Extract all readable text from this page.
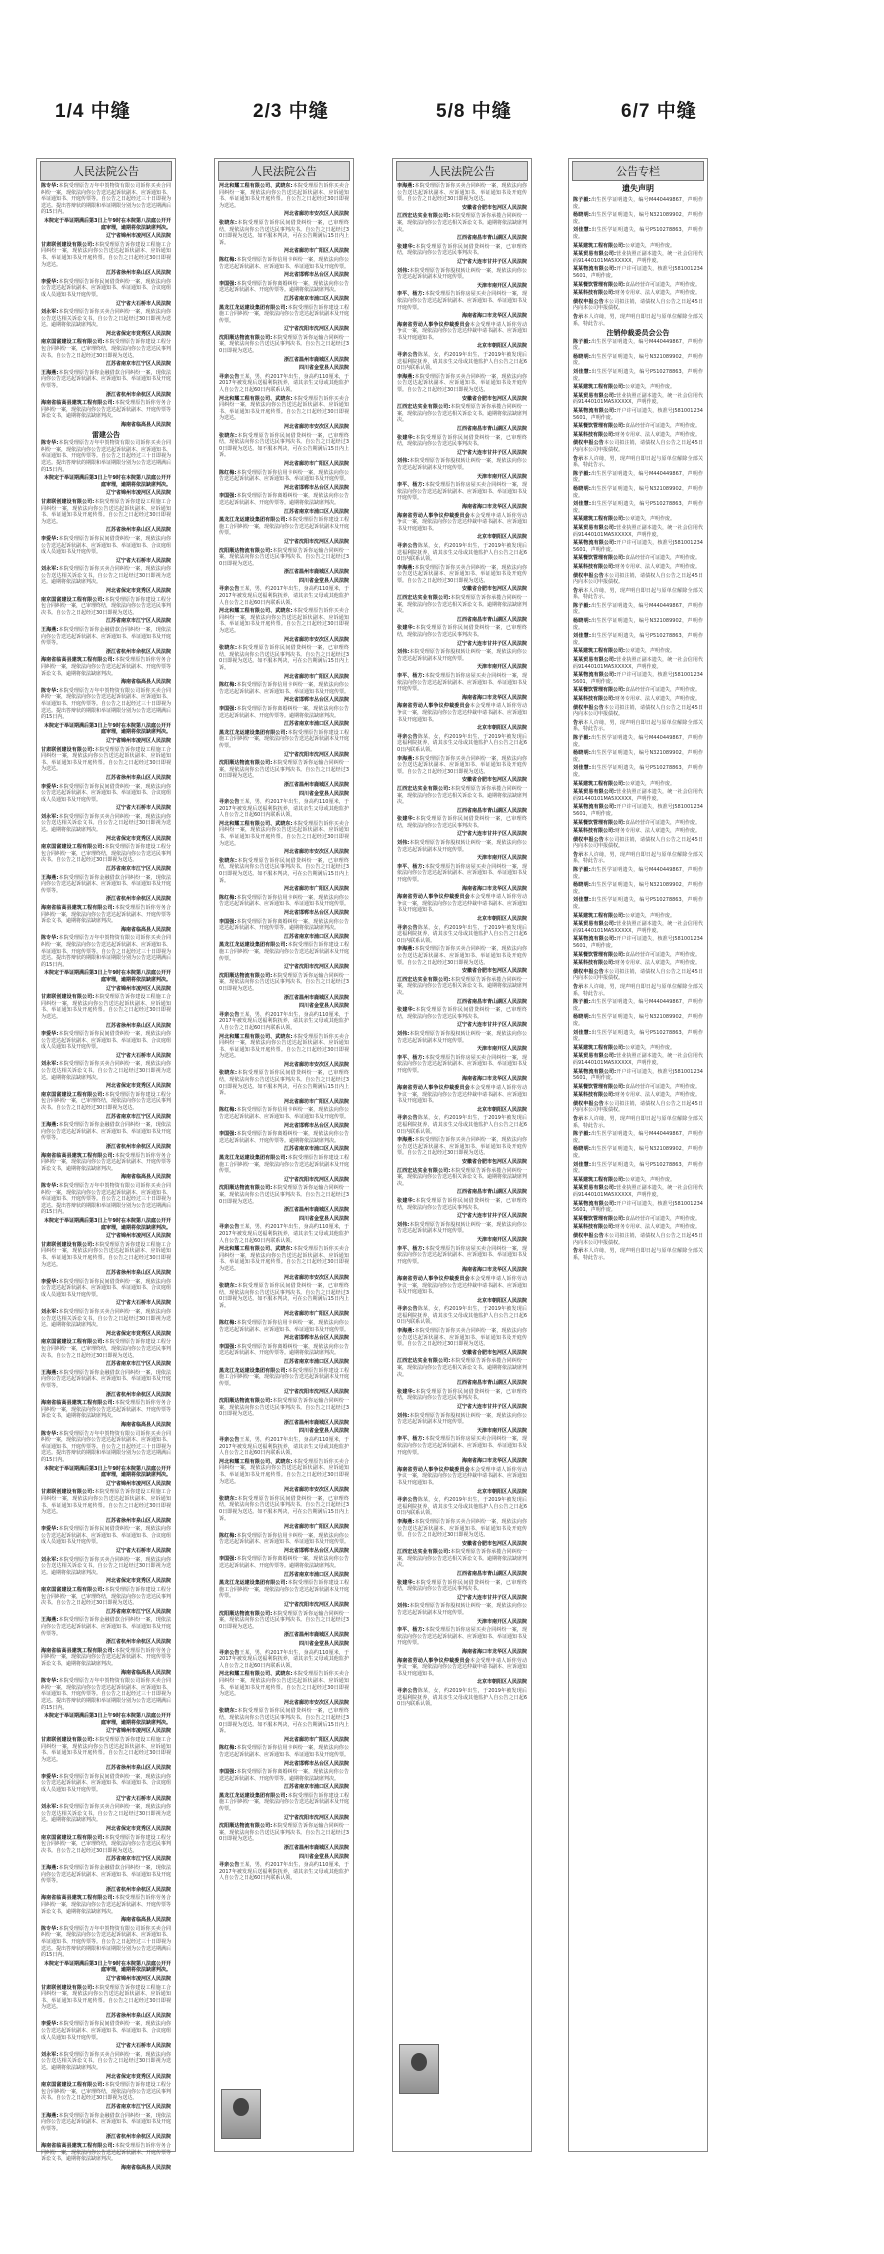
1/4 中缝	2/3 中缝	5/8 中缝	6/7 中缝
人民法院公告
陈专华:本院受理原告万年中贺物资有限公司诉你买卖合同纠纷一案，现依法向你公告送达起诉状副本、应诉通知书、举证通知书、开庭传票等。自公告之日起经过三十日即视为送达。提出答辩状的期限和举证期限分别为公告送达期满后的15日内。
本院定于举证期满后第3日上午9时在本院第八法庭公开开庭审理，逾期将依法缺席判决。
辽宁省锦州市凌河区人民法院
甘肃联创建设有限公司:本院受理原告诉你建设工程施工合同纠纷一案，现依法向你公告送达起诉状副本、应诉通知书、举证通知书及开庭传票。自公告之日起经过30日即视为送达。
江苏省徐州市泉山区人民法院
李爱华:本院受理原告诉你民间借贷纠纷一案，现依法向你公告送达起诉状副本、应诉通知书、举证通知书、合议庭组成人员通知书及开庭传票。
辽宁省大石桥市人民法院
刘永军:本院受理原告诉你买卖合同纠纷一案，现依法向你公告送达相关诉讼文书。自公告之日起经过30日即视为送达。逾期将依法缺席判决。
河北省保定市竞秀区人民法院
南京国富建设工程有限公司:本院受理原告诉你建设工程分包合同纠纷一案，已审理终结，现依法向你公告送达民事判决书。自公告之日起经过30日即视为送达。
江苏省南京市江宁区人民法院
王海燕:本院受理原告诉你金融借款合同纠纷一案，现依法向你公告送达起诉状副本、应诉通知书、举证通知书及开庭传票等。
浙江省杭州市余杭区人民法院
海南省临高县建筑工程有限公司:本院受理原告诉你劳务合同纠纷一案，现依法向你公告送达起诉状副本、开庭传票等诉讼文书，逾期将依法缺席判决。
海南省临高县人民法院
雷建公告
陈专华:本院受理原告万年中贺物资有限公司诉你买卖合同纠纷一案，现依法向你公告送达起诉状副本、应诉通知书、举证通知书、开庭传票等。自公告之日起经过三十日即视为送达。提出答辩状的期限和举证期限分别为公告送达期满后的15日内。
本院定于举证期满后第3日上午9时在本院第八法庭公开开庭审理，逾期将依法缺席判决。
辽宁省锦州市凌河区人民法院
甘肃联创建设有限公司:本院受理原告诉你建设工程施工合同纠纷一案，现依法向你公告送达起诉状副本、应诉通知书、举证通知书及开庭传票。自公告之日起经过30日即视为送达。
江苏省徐州市泉山区人民法院
李爱华:本院受理原告诉你民间借贷纠纷一案，现依法向你公告送达起诉状副本、应诉通知书、举证通知书、合议庭组成人员通知书及开庭传票。
辽宁省大石桥市人民法院
刘永军:本院受理原告诉你买卖合同纠纷一案，现依法向你公告送达相关诉讼文书。自公告之日起经过30日即视为送达。逾期将依法缺席判决。
河北省保定市竞秀区人民法院
南京国富建设工程有限公司:本院受理原告诉你建设工程分包合同纠纷一案，已审理终结，现依法向你公告送达民事判决书。自公告之日起经过30日即视为送达。
江苏省南京市江宁区人民法院
王海燕:本院受理原告诉你金融借款合同纠纷一案，现依法向你公告送达起诉状副本、应诉通知书、举证通知书及开庭传票等。
浙江省杭州市余杭区人民法院
海南省临高县建筑工程有限公司:本院受理原告诉你劳务合同纠纷一案，现依法向你公告送达起诉状副本、开庭传票等诉讼文书，逾期将依法缺席判决。
海南省临高县人民法院
陈专华:本院受理原告万年中贺物资有限公司诉你买卖合同纠纷一案，现依法向你公告送达起诉状副本、应诉通知书、举证通知书、开庭传票等。自公告之日起经过三十日即视为送达。提出答辩状的期限和举证期限分别为公告送达期满后的15日内。
本院定于举证期满后第3日上午9时在本院第八法庭公开开庭审理，逾期将依法缺席判决。
辽宁省锦州市凌河区人民法院
甘肃联创建设有限公司:本院受理原告诉你建设工程施工合同纠纷一案，现依法向你公告送达起诉状副本、应诉通知书、举证通知书及开庭传票。自公告之日起经过30日即视为送达。
江苏省徐州市泉山区人民法院
李爱华:本院受理原告诉你民间借贷纠纷一案，现依法向你公告送达起诉状副本、应诉通知书、举证通知书、合议庭组成人员通知书及开庭传票。
辽宁省大石桥市人民法院
刘永军:本院受理原告诉你买卖合同纠纷一案，现依法向你公告送达相关诉讼文书。自公告之日起经过30日即视为送达。逾期将依法缺席判决。
河北省保定市竞秀区人民法院
南京国富建设工程有限公司:本院受理原告诉你建设工程分包合同纠纷一案，已审理终结，现依法向你公告送达民事判决书。自公告之日起经过30日即视为送达。
江苏省南京市江宁区人民法院
王海燕:本院受理原告诉你金融借款合同纠纷一案，现依法向你公告送达起诉状副本、应诉通知书、举证通知书及开庭传票等。
浙江省杭州市余杭区人民法院
海南省临高县建筑工程有限公司:本院受理原告诉你劳务合同纠纷一案，现依法向你公告送达起诉状副本、开庭传票等诉讼文书，逾期将依法缺席判决。
海南省临高县人民法院
陈专华:本院受理原告万年中贺物资有限公司诉你买卖合同纠纷一案，现依法向你公告送达起诉状副本、应诉通知书、举证通知书、开庭传票等。自公告之日起经过三十日即视为送达。提出答辩状的期限和举证期限分别为公告送达期满后的15日内。
本院定于举证期满后第3日上午9时在本院第八法庭公开开庭审理，逾期将依法缺席判决。
辽宁省锦州市凌河区人民法院
甘肃联创建设有限公司:本院受理原告诉你建设工程施工合同纠纷一案，现依法向你公告送达起诉状副本、应诉通知书、举证通知书及开庭传票。自公告之日起经过30日即视为送达。
江苏省徐州市泉山区人民法院
李爱华:本院受理原告诉你民间借贷纠纷一案，现依法向你公告送达起诉状副本、应诉通知书、举证通知书、合议庭组成人员通知书及开庭传票。
辽宁省大石桥市人民法院
刘永军:本院受理原告诉你买卖合同纠纷一案，现依法向你公告送达相关诉讼文书。自公告之日起经过30日即视为送达。逾期将依法缺席判决。
河北省保定市竞秀区人民法院
南京国富建设工程有限公司:本院受理原告诉你建设工程分包合同纠纷一案，已审理终结，现依法向你公告送达民事判决书。自公告之日起经过30日即视为送达。
江苏省南京市江宁区人民法院
王海燕:本院受理原告诉你金融借款合同纠纷一案，现依法向你公告送达起诉状副本、应诉通知书、举证通知书及开庭传票等。
浙江省杭州市余杭区人民法院
海南省临高县建筑工程有限公司:本院受理原告诉你劳务合同纠纷一案，现依法向你公告送达起诉状副本、开庭传票等诉讼文书，逾期将依法缺席判决。
海南省临高县人民法院
陈专华:本院受理原告万年中贺物资有限公司诉你买卖合同纠纷一案，现依法向你公告送达起诉状副本、应诉通知书、举证通知书、开庭传票等。自公告之日起经过三十日即视为送达。提出答辩状的期限和举证期限分别为公告送达期满后的15日内。
本院定于举证期满后第3日上午9时在本院第八法庭公开开庭审理，逾期将依法缺席判决。
辽宁省锦州市凌河区人民法院
甘肃联创建设有限公司:本院受理原告诉你建设工程施工合同纠纷一案，现依法向你公告送达起诉状副本、应诉通知书、举证通知书及开庭传票。自公告之日起经过30日即视为送达。
江苏省徐州市泉山区人民法院
李爱华:本院受理原告诉你民间借贷纠纷一案，现依法向你公告送达起诉状副本、应诉通知书、举证通知书、合议庭组成人员通知书及开庭传票。
辽宁省大石桥市人民法院
刘永军:本院受理原告诉你买卖合同纠纷一案，现依法向你公告送达相关诉讼文书。自公告之日起经过30日即视为送达。逾期将依法缺席判决。
河北省保定市竞秀区人民法院
南京国富建设工程有限公司:本院受理原告诉你建设工程分包合同纠纷一案，已审理终结，现依法向你公告送达民事判决书。自公告之日起经过30日即视为送达。
江苏省南京市江宁区人民法院
王海燕:本院受理原告诉你金融借款合同纠纷一案，现依法向你公告送达起诉状副本、应诉通知书、举证通知书及开庭传票等。
浙江省杭州市余杭区人民法院
海南省临高县建筑工程有限公司:本院受理原告诉你劳务合同纠纷一案，现依法向你公告送达起诉状副本、开庭传票等诉讼文书，逾期将依法缺席判决。
海南省临高县人民法院
陈专华:本院受理原告万年中贺物资有限公司诉你买卖合同纠纷一案，现依法向你公告送达起诉状副本、应诉通知书、举证通知书、开庭传票等。自公告之日起经过三十日即视为送达。提出答辩状的期限和举证期限分别为公告送达期满后的15日内。
本院定于举证期满后第3日上午9时在本院第八法庭公开开庭审理，逾期将依法缺席判决。
辽宁省锦州市凌河区人民法院
甘肃联创建设有限公司:本院受理原告诉你建设工程施工合同纠纷一案，现依法向你公告送达起诉状副本、应诉通知书、举证通知书及开庭传票。自公告之日起经过30日即视为送达。
江苏省徐州市泉山区人民法院
李爱华:本院受理原告诉你民间借贷纠纷一案，现依法向你公告送达起诉状副本、应诉通知书、举证通知书、合议庭组成人员通知书及开庭传票。
辽宁省大石桥市人民法院
刘永军:本院受理原告诉你买卖合同纠纷一案，现依法向你公告送达相关诉讼文书。自公告之日起经过30日即视为送达。逾期将依法缺席判决。
河北省保定市竞秀区人民法院
南京国富建设工程有限公司:本院受理原告诉你建设工程分包合同纠纷一案，已审理终结，现依法向你公告送达民事判决书。自公告之日起经过30日即视为送达。
江苏省南京市江宁区人民法院
王海燕:本院受理原告诉你金融借款合同纠纷一案，现依法向你公告送达起诉状副本、应诉通知书、举证通知书及开庭传票等。
浙江省杭州市余杭区人民法院
海南省临高县建筑工程有限公司:本院受理原告诉你劳务合同纠纷一案，现依法向你公告送达起诉状副本、开庭传票等诉讼文书，逾期将依法缺席判决。
海南省临高县人民法院
陈专华:本院受理原告万年中贺物资有限公司诉你买卖合同纠纷一案，现依法向你公告送达起诉状副本、应诉通知书、举证通知书、开庭传票等。自公告之日起经过三十日即视为送达。提出答辩状的期限和举证期限分别为公告送达期满后的15日内。
本院定于举证期满后第3日上午9时在本院第八法庭公开开庭审理，逾期将依法缺席判决。
辽宁省锦州市凌河区人民法院
甘肃联创建设有限公司:本院受理原告诉你建设工程施工合同纠纷一案，现依法向你公告送达起诉状副本、应诉通知书、举证通知书及开庭传票。自公告之日起经过30日即视为送达。
江苏省徐州市泉山区人民法院
李爱华:本院受理原告诉你民间借贷纠纷一案，现依法向你公告送达起诉状副本、应诉通知书、举证通知书、合议庭组成人员通知书及开庭传票。
辽宁省大石桥市人民法院
刘永军:本院受理原告诉你买卖合同纠纷一案，现依法向你公告送达相关诉讼文书。自公告之日起经过30日即视为送达。逾期将依法缺席判决。
河北省保定市竞秀区人民法院
南京国富建设工程有限公司:本院受理原告诉你建设工程分包合同纠纷一案，已审理终结，现依法向你公告送达民事判决书。自公告之日起经过30日即视为送达。
江苏省南京市江宁区人民法院
王海燕:本院受理原告诉你金融借款合同纠纷一案，现依法向你公告送达起诉状副本、应诉通知书、举证通知书及开庭传票等。
浙江省杭州市余杭区人民法院
海南省临高县建筑工程有限公司:本院受理原告诉你劳务合同纠纷一案，现依法向你公告送达起诉状副本、开庭传票等诉讼文书，逾期将依法缺席判决。
海南省临高县人民法院
陈专华:本院受理原告万年中贺物资有限公司诉你买卖合同纠纷一案，现依法向你公告送达起诉状副本、应诉通知书、举证通知书、开庭传票等。自公告之日起经过三十日即视为送达。提出答辩状的期限和举证期限分别为公告送达期满后的15日内。
本院定于举证期满后第3日上午9时在本院第八法庭公开开庭审理，逾期将依法缺席判决。
辽宁省锦州市凌河区人民法院
甘肃联创建设有限公司:本院受理原告诉你建设工程施工合同纠纷一案，现依法向你公告送达起诉状副本、应诉通知书、举证通知书及开庭传票。自公告之日起经过30日即视为送达。
江苏省徐州市泉山区人民法院
李爱华:本院受理原告诉你民间借贷纠纷一案，现依法向你公告送达起诉状副本、应诉通知书、举证通知书、合议庭组成人员通知书及开庭传票。
辽宁省大石桥市人民法院
刘永军:本院受理原告诉你买卖合同纠纷一案，现依法向你公告送达相关诉讼文书。自公告之日起经过30日即视为送达。逾期将依法缺席判决。
河北省保定市竞秀区人民法院
南京国富建设工程有限公司:本院受理原告诉你建设工程分包合同纠纷一案，已审理终结，现依法向你公告送达民事判决书。自公告之日起经过30日即视为送达。
江苏省南京市江宁区人民法院
王海燕:本院受理原告诉你金融借款合同纠纷一案，现依法向你公告送达起诉状副本、应诉通知书、举证通知书及开庭传票等。
浙江省杭州市余杭区人民法院
海南省临高县建筑工程有限公司:本院受理原告诉你劳务合同纠纷一案，现依法向你公告送达起诉状副本、开庭传票等诉讼文书，逾期将依法缺席判决。
海南省临高县人民法院
人民法院公告
河北和耀工程有限公司、武晓东:本院受理原告诉你买卖合同纠纷一案，现依法向你公告送达起诉状副本、应诉通知书、举证通知书及开庭传票。自公告之日起经过30日即视为送达。
河北省廊坊市安次区人民法院
张晓东:本院受理原告诉你民间借贷纠纷一案，已审理终结，现依法向你公告送达民事判决书。自公告之日起经过30日即视为送达。如不服本判决，可在公告期满后15日内上诉。
河北省廊坊市广阳区人民法院
陈红梅:本院受理原告诉你信用卡纠纷一案，现依法向你公告送达起诉状副本、应诉通知书、举证通知书及开庭传票。
河北省邯郸市丛台区人民法院
李国强:本院受理原告诉你离婚纠纷一案，现依法向你公告送达起诉状副本、开庭传票等。逾期将依法缺席判决。
江苏省南京市浦口区人民法院
黑龙江龙运建设集团有限公司:本院受理原告诉你建设工程施工合同纠纷一案，现依法向你公告送达起诉状副本及开庭传票。
辽宁省沈阳市沈河区人民法院
沈阳顺达物流有限公司:本院受理原告诉你运输合同纠纷一案，现依法向你公告送达民事判决书。自公告之日起经过30日即视为送达。
浙江省温州市鹿城区人民法院
四川省金堂县人民法院
寻亲公告王某，男，约2017年出生，身高约110厘米，于2017年被发现后送福利院抚养，请其亲生父母或其他监护人自公告之日起60日内联系认领。
河北和耀工程有限公司、武晓东:本院受理原告诉你买卖合同纠纷一案，现依法向你公告送达起诉状副本、应诉通知书、举证通知书及开庭传票。自公告之日起经过30日即视为送达。
河北省廊坊市安次区人民法院
张晓东:本院受理原告诉你民间借贷纠纷一案，已审理终结，现依法向你公告送达民事判决书。自公告之日起经过30日即视为送达。如不服本判决，可在公告期满后15日内上诉。
河北省廊坊市广阳区人民法院
陈红梅:本院受理原告诉你信用卡纠纷一案，现依法向你公告送达起诉状副本、应诉通知书、举证通知书及开庭传票。
河北省邯郸市丛台区人民法院
李国强:本院受理原告诉你离婚纠纷一案，现依法向你公告送达起诉状副本、开庭传票等。逾期将依法缺席判决。
江苏省南京市浦口区人民法院
黑龙江龙运建设集团有限公司:本院受理原告诉你建设工程施工合同纠纷一案，现依法向你公告送达起诉状副本及开庭传票。
辽宁省沈阳市沈河区人民法院
沈阳顺达物流有限公司:本院受理原告诉你运输合同纠纷一案，现依法向你公告送达民事判决书。自公告之日起经过30日即视为送达。
浙江省温州市鹿城区人民法院
四川省金堂县人民法院
寻亲公告王某，男，约2017年出生，身高约110厘米，于2017年被发现后送福利院抚养，请其亲生父母或其他监护人自公告之日起60日内联系认领。
河北和耀工程有限公司、武晓东:本院受理原告诉你买卖合同纠纷一案，现依法向你公告送达起诉状副本、应诉通知书、举证通知书及开庭传票。自公告之日起经过30日即视为送达。
河北省廊坊市安次区人民法院
张晓东:本院受理原告诉你民间借贷纠纷一案，已审理终结，现依法向你公告送达民事判决书。自公告之日起经过30日即视为送达。如不服本判决，可在公告期满后15日内上诉。
河北省廊坊市广阳区人民法院
陈红梅:本院受理原告诉你信用卡纠纷一案，现依法向你公告送达起诉状副本、应诉通知书、举证通知书及开庭传票。
河北省邯郸市丛台区人民法院
李国强:本院受理原告诉你离婚纠纷一案，现依法向你公告送达起诉状副本、开庭传票等。逾期将依法缺席判决。
江苏省南京市浦口区人民法院
黑龙江龙运建设集团有限公司:本院受理原告诉你建设工程施工合同纠纷一案，现依法向你公告送达起诉状副本及开庭传票。
辽宁省沈阳市沈河区人民法院
沈阳顺达物流有限公司:本院受理原告诉你运输合同纠纷一案，现依法向你公告送达民事判决书。自公告之日起经过30日即视为送达。
浙江省温州市鹿城区人民法院
四川省金堂县人民法院
寻亲公告王某，男，约2017年出生，身高约110厘米，于2017年被发现后送福利院抚养，请其亲生父母或其他监护人自公告之日起60日内联系认领。
河北和耀工程有限公司、武晓东:本院受理原告诉你买卖合同纠纷一案，现依法向你公告送达起诉状副本、应诉通知书、举证通知书及开庭传票。自公告之日起经过30日即视为送达。
河北省廊坊市安次区人民法院
张晓东:本院受理原告诉你民间借贷纠纷一案，已审理终结，现依法向你公告送达民事判决书。自公告之日起经过30日即视为送达。如不服本判决，可在公告期满后15日内上诉。
河北省廊坊市广阳区人民法院
陈红梅:本院受理原告诉你信用卡纠纷一案，现依法向你公告送达起诉状副本、应诉通知书、举证通知书及开庭传票。
河北省邯郸市丛台区人民法院
李国强:本院受理原告诉你离婚纠纷一案，现依法向你公告送达起诉状副本、开庭传票等。逾期将依法缺席判决。
江苏省南京市浦口区人民法院
黑龙江龙运建设集团有限公司:本院受理原告诉你建设工程施工合同纠纷一案，现依法向你公告送达起诉状副本及开庭传票。
辽宁省沈阳市沈河区人民法院
沈阳顺达物流有限公司:本院受理原告诉你运输合同纠纷一案，现依法向你公告送达民事判决书。自公告之日起经过30日即视为送达。
浙江省温州市鹿城区人民法院
四川省金堂县人民法院
寻亲公告王某，男，约2017年出生，身高约110厘米，于2017年被发现后送福利院抚养，请其亲生父母或其他监护人自公告之日起60日内联系认领。
河北和耀工程有限公司、武晓东:本院受理原告诉你买卖合同纠纷一案，现依法向你公告送达起诉状副本、应诉通知书、举证通知书及开庭传票。自公告之日起经过30日即视为送达。
河北省廊坊市安次区人民法院
张晓东:本院受理原告诉你民间借贷纠纷一案，已审理终结，现依法向你公告送达民事判决书。自公告之日起经过30日即视为送达。如不服本判决，可在公告期满后15日内上诉。
河北省廊坊市广阳区人民法院
陈红梅:本院受理原告诉你信用卡纠纷一案，现依法向你公告送达起诉状副本、应诉通知书、举证通知书及开庭传票。
河北省邯郸市丛台区人民法院
李国强:本院受理原告诉你离婚纠纷一案，现依法向你公告送达起诉状副本、开庭传票等。逾期将依法缺席判决。
江苏省南京市浦口区人民法院
黑龙江龙运建设集团有限公司:本院受理原告诉你建设工程施工合同纠纷一案，现依法向你公告送达起诉状副本及开庭传票。
辽宁省沈阳市沈河区人民法院
沈阳顺达物流有限公司:本院受理原告诉你运输合同纠纷一案，现依法向你公告送达民事判决书。自公告之日起经过30日即视为送达。
浙江省温州市鹿城区人民法院
四川省金堂县人民法院
寻亲公告王某，男，约2017年出生，身高约110厘米，于2017年被发现后送福利院抚养，请其亲生父母或其他监护人自公告之日起60日内联系认领。
河北和耀工程有限公司、武晓东:本院受理原告诉你买卖合同纠纷一案，现依法向你公告送达起诉状副本、应诉通知书、举证通知书及开庭传票。自公告之日起经过30日即视为送达。
河北省廊坊市安次区人民法院
张晓东:本院受理原告诉你民间借贷纠纷一案，已审理终结，现依法向你公告送达民事判决书。自公告之日起经过30日即视为送达。如不服本判决，可在公告期满后15日内上诉。
河北省廊坊市广阳区人民法院
陈红梅:本院受理原告诉你信用卡纠纷一案，现依法向你公告送达起诉状副本、应诉通知书、举证通知书及开庭传票。
河北省邯郸市丛台区人民法院
李国强:本院受理原告诉你离婚纠纷一案，现依法向你公告送达起诉状副本、开庭传票等。逾期将依法缺席判决。
江苏省南京市浦口区人民法院
黑龙江龙运建设集团有限公司:本院受理原告诉你建设工程施工合同纠纷一案，现依法向你公告送达起诉状副本及开庭传票。
辽宁省沈阳市沈河区人民法院
沈阳顺达物流有限公司:本院受理原告诉你运输合同纠纷一案，现依法向你公告送达民事判决书。自公告之日起经过30日即视为送达。
浙江省温州市鹿城区人民法院
四川省金堂县人民法院
寻亲公告王某，男，约2017年出生，身高约110厘米，于2017年被发现后送福利院抚养，请其亲生父母或其他监护人自公告之日起60日内联系认领。
河北和耀工程有限公司、武晓东:本院受理原告诉你买卖合同纠纷一案，现依法向你公告送达起诉状副本、应诉通知书、举证通知书及开庭传票。自公告之日起经过30日即视为送达。
河北省廊坊市安次区人民法院
张晓东:本院受理原告诉你民间借贷纠纷一案，已审理终结，现依法向你公告送达民事判决书。自公告之日起经过30日即视为送达。如不服本判决，可在公告期满后15日内上诉。
河北省廊坊市广阳区人民法院
陈红梅:本院受理原告诉你信用卡纠纷一案，现依法向你公告送达起诉状副本、应诉通知书、举证通知书及开庭传票。
河北省邯郸市丛台区人民法院
李国强:本院受理原告诉你离婚纠纷一案，现依法向你公告送达起诉状副本、开庭传票等。逾期将依法缺席判决。
江苏省南京市浦口区人民法院
黑龙江龙运建设集团有限公司:本院受理原告诉你建设工程施工合同纠纷一案，现依法向你公告送达起诉状副本及开庭传票。
辽宁省沈阳市沈河区人民法院
沈阳顺达物流有限公司:本院受理原告诉你运输合同纠纷一案，现依法向你公告送达民事判决书。自公告之日起经过30日即视为送达。
浙江省温州市鹿城区人民法院
四川省金堂县人民法院
寻亲公告王某，男，约2017年出生，身高约110厘米，于2017年被发现后送福利院抚养，请其亲生父母或其他监护人自公告之日起60日内联系认领。
河北和耀工程有限公司、武晓东:本院受理原告诉你买卖合同纠纷一案，现依法向你公告送达起诉状副本、应诉通知书、举证通知书及开庭传票。自公告之日起经过30日即视为送达。
河北省廊坊市安次区人民法院
张晓东:本院受理原告诉你民间借贷纠纷一案，已审理终结，现依法向你公告送达民事判决书。自公告之日起经过30日即视为送达。如不服本判决，可在公告期满后15日内上诉。
河北省廊坊市广阳区人民法院
陈红梅:本院受理原告诉你信用卡纠纷一案，现依法向你公告送达起诉状副本、应诉通知书、举证通知书及开庭传票。
河北省邯郸市丛台区人民法院
李国强:本院受理原告诉你离婚纠纷一案，现依法向你公告送达起诉状副本、开庭传票等。逾期将依法缺席判决。
江苏省南京市浦口区人民法院
黑龙江龙运建设集团有限公司:本院受理原告诉你建设工程施工合同纠纷一案，现依法向你公告送达起诉状副本及开庭传票。
辽宁省沈阳市沈河区人民法院
沈阳顺达物流有限公司:本院受理原告诉你运输合同纠纷一案，现依法向你公告送达民事判决书。自公告之日起经过30日即视为送达。
浙江省温州市鹿城区人民法院
四川省金堂县人民法院
寻亲公告王某，男，约2017年出生，身高约110厘米，于2017年被发现后送福利院抚养，请其亲生父母或其他监护人自公告之日起60日内联系认领。
人民法院公告
李海燕:本院受理原告诉你买卖合同纠纷一案，现依法向你公告送达起诉状副本、应诉通知书、举证通知书及开庭传票。自公告之日起经过30日即视为送达。
安徽省合肥市包河区人民法院
江西宏达实业有限公司:本院受理原告诉你承揽合同纠纷一案，现依法向你公告送达相关诉讼文书。逾期将依法缺席判决。
江西省南昌市青山湖区人民法院
张建华:本院受理原告诉你民间借贷纠纷一案，已审理终结，现依法向你公告送达民事判决书。
辽宁省大连市甘井子区人民法院
刘伟:本院受理原告诉你股权转让纠纷一案，现依法向你公告送达起诉状副本及开庭传票。
天津市南开区人民法院
李平、杨方:本院受理原告诉你房屋买卖合同纠纷一案，现依法向你公告送达起诉状副本、应诉通知书、举证通知书及开庭传票。
海南省海口市龙华区人民法院
海南省劳动人事争议仲裁委员会本会受理申请人诉你劳动争议一案，现依法向你公告送达仲裁申请书副本、应诉通知书及开庭通知书。
北京市朝阳区人民法院
寻亲公告陈某，女，约2019年出生，于2019年被发现后送福利院抚养，请其亲生父母或其他监护人自公告之日起60日内联系认领。
李海燕:本院受理原告诉你买卖合同纠纷一案，现依法向你公告送达起诉状副本、应诉通知书、举证通知书及开庭传票。自公告之日起经过30日即视为送达。
安徽省合肥市包河区人民法院
江西宏达实业有限公司:本院受理原告诉你承揽合同纠纷一案，现依法向你公告送达相关诉讼文书。逾期将依法缺席判决。
江西省南昌市青山湖区人民法院
张建华:本院受理原告诉你民间借贷纠纷一案，已审理终结，现依法向你公告送达民事判决书。
辽宁省大连市甘井子区人民法院
刘伟:本院受理原告诉你股权转让纠纷一案，现依法向你公告送达起诉状副本及开庭传票。
天津市南开区人民法院
李平、杨方:本院受理原告诉你房屋买卖合同纠纷一案，现依法向你公告送达起诉状副本、应诉通知书、举证通知书及开庭传票。
海南省海口市龙华区人民法院
海南省劳动人事争议仲裁委员会本会受理申请人诉你劳动争议一案，现依法向你公告送达仲裁申请书副本、应诉通知书及开庭通知书。
北京市朝阳区人民法院
寻亲公告陈某，女，约2019年出生，于2019年被发现后送福利院抚养，请其亲生父母或其他监护人自公告之日起60日内联系认领。
李海燕:本院受理原告诉你买卖合同纠纷一案，现依法向你公告送达起诉状副本、应诉通知书、举证通知书及开庭传票。自公告之日起经过30日即视为送达。
安徽省合肥市包河区人民法院
江西宏达实业有限公司:本院受理原告诉你承揽合同纠纷一案，现依法向你公告送达相关诉讼文书。逾期将依法缺席判决。
江西省南昌市青山湖区人民法院
张建华:本院受理原告诉你民间借贷纠纷一案，已审理终结，现依法向你公告送达民事判决书。
辽宁省大连市甘井子区人民法院
刘伟:本院受理原告诉你股权转让纠纷一案，现依法向你公告送达起诉状副本及开庭传票。
天津市南开区人民法院
李平、杨方:本院受理原告诉你房屋买卖合同纠纷一案，现依法向你公告送达起诉状副本、应诉通知书、举证通知书及开庭传票。
海南省海口市龙华区人民法院
海南省劳动人事争议仲裁委员会本会受理申请人诉你劳动争议一案，现依法向你公告送达仲裁申请书副本、应诉通知书及开庭通知书。
北京市朝阳区人民法院
寻亲公告陈某，女，约2019年出生，于2019年被发现后送福利院抚养，请其亲生父母或其他监护人自公告之日起60日内联系认领。
李海燕:本院受理原告诉你买卖合同纠纷一案，现依法向你公告送达起诉状副本、应诉通知书、举证通知书及开庭传票。自公告之日起经过30日即视为送达。
安徽省合肥市包河区人民法院
江西宏达实业有限公司:本院受理原告诉你承揽合同纠纷一案，现依法向你公告送达相关诉讼文书。逾期将依法缺席判决。
江西省南昌市青山湖区人民法院
张建华:本院受理原告诉你民间借贷纠纷一案，已审理终结，现依法向你公告送达民事判决书。
辽宁省大连市甘井子区人民法院
刘伟:本院受理原告诉你股权转让纠纷一案，现依法向你公告送达起诉状副本及开庭传票。
天津市南开区人民法院
李平、杨方:本院受理原告诉你房屋买卖合同纠纷一案，现依法向你公告送达起诉状副本、应诉通知书、举证通知书及开庭传票。
海南省海口市龙华区人民法院
海南省劳动人事争议仲裁委员会本会受理申请人诉你劳动争议一案，现依法向你公告送达仲裁申请书副本、应诉通知书及开庭通知书。
北京市朝阳区人民法院
寻亲公告陈某，女，约2019年出生，于2019年被发现后送福利院抚养，请其亲生父母或其他监护人自公告之日起60日内联系认领。
李海燕:本院受理原告诉你买卖合同纠纷一案，现依法向你公告送达起诉状副本、应诉通知书、举证通知书及开庭传票。自公告之日起经过30日即视为送达。
安徽省合肥市包河区人民法院
江西宏达实业有限公司:本院受理原告诉你承揽合同纠纷一案，现依法向你公告送达相关诉讼文书。逾期将依法缺席判决。
江西省南昌市青山湖区人民法院
张建华:本院受理原告诉你民间借贷纠纷一案，已审理终结，现依法向你公告送达民事判决书。
辽宁省大连市甘井子区人民法院
刘伟:本院受理原告诉你股权转让纠纷一案，现依法向你公告送达起诉状副本及开庭传票。
天津市南开区人民法院
李平、杨方:本院受理原告诉你房屋买卖合同纠纷一案，现依法向你公告送达起诉状副本、应诉通知书、举证通知书及开庭传票。
海南省海口市龙华区人民法院
海南省劳动人事争议仲裁委员会本会受理申请人诉你劳动争议一案，现依法向你公告送达仲裁申请书副本、应诉通知书及开庭通知书。
北京市朝阳区人民法院
寻亲公告陈某，女，约2019年出生，于2019年被发现后送福利院抚养，请其亲生父母或其他监护人自公告之日起60日内联系认领。
李海燕:本院受理原告诉你买卖合同纠纷一案，现依法向你公告送达起诉状副本、应诉通知书、举证通知书及开庭传票。自公告之日起经过30日即视为送达。
安徽省合肥市包河区人民法院
江西宏达实业有限公司:本院受理原告诉你承揽合同纠纷一案，现依法向你公告送达相关诉讼文书。逾期将依法缺席判决。
江西省南昌市青山湖区人民法院
张建华:本院受理原告诉你民间借贷纠纷一案，已审理终结，现依法向你公告送达民事判决书。
辽宁省大连市甘井子区人民法院
刘伟:本院受理原告诉你股权转让纠纷一案，现依法向你公告送达起诉状副本及开庭传票。
天津市南开区人民法院
李平、杨方:本院受理原告诉你房屋买卖合同纠纷一案，现依法向你公告送达起诉状副本、应诉通知书、举证通知书及开庭传票。
海南省海口市龙华区人民法院
海南省劳动人事争议仲裁委员会本会受理申请人诉你劳动争议一案，现依法向你公告送达仲裁申请书副本、应诉通知书及开庭通知书。
北京市朝阳区人民法院
寻亲公告陈某，女，约2019年出生，于2019年被发现后送福利院抚养，请其亲生父母或其他监护人自公告之日起60日内联系认领。
李海燕:本院受理原告诉你买卖合同纠纷一案，现依法向你公告送达起诉状副本、应诉通知书、举证通知书及开庭传票。自公告之日起经过30日即视为送达。
安徽省合肥市包河区人民法院
江西宏达实业有限公司:本院受理原告诉你承揽合同纠纷一案，现依法向你公告送达相关诉讼文书。逾期将依法缺席判决。
江西省南昌市青山湖区人民法院
张建华:本院受理原告诉你民间借贷纠纷一案，已审理终结，现依法向你公告送达民事判决书。
辽宁省大连市甘井子区人民法院
刘伟:本院受理原告诉你股权转让纠纷一案，现依法向你公告送达起诉状副本及开庭传票。
天津市南开区人民法院
李平、杨方:本院受理原告诉你房屋买卖合同纠纷一案，现依法向你公告送达起诉状副本、应诉通知书、举证通知书及开庭传票。
海南省海口市龙华区人民法院
海南省劳动人事争议仲裁委员会本会受理申请人诉你劳动争议一案，现依法向你公告送达仲裁申请书副本、应诉通知书及开庭通知书。
北京市朝阳区人民法院
寻亲公告陈某，女，约2019年出生，于2019年被发现后送福利院抚养，请其亲生父母或其他监护人自公告之日起60日内联系认领。
李海燕:本院受理原告诉你买卖合同纠纷一案，现依法向你公告送达起诉状副本、应诉通知书、举证通知书及开庭传票。自公告之日起经过30日即视为送达。
安徽省合肥市包河区人民法院
江西宏达实业有限公司:本院受理原告诉你承揽合同纠纷一案，现依法向你公告送达相关诉讼文书。逾期将依法缺席判决。
江西省南昌市青山湖区人民法院
张建华:本院受理原告诉你民间借贷纠纷一案，已审理终结，现依法向你公告送达民事判决书。
辽宁省大连市甘井子区人民法院
刘伟:本院受理原告诉你股权转让纠纷一案，现依法向你公告送达起诉状副本及开庭传票。
天津市南开区人民法院
李平、杨方:本院受理原告诉你房屋买卖合同纠纷一案，现依法向你公告送达起诉状副本、应诉通知书、举证通知书及开庭传票。
海南省海口市龙华区人民法院
海南省劳动人事争议仲裁委员会本会受理申请人诉你劳动争议一案，现依法向你公告送达仲裁申请书副本、应诉通知书及开庭通知书。
北京市朝阳区人民法院
寻亲公告陈某，女，约2019年出生，于2019年被发现后送福利院抚养，请其亲生父母或其他监护人自公告之日起60日内联系认领。
公告专栏
遗失声明
陈子毅:出生医学证明遗失，编号M440449867，声明作废。
杨晓明:出生医学证明遗失，编号N321089902，声明作废。
刘佳慧:出生医学证明遗失，编号P510278863，声明作废。
某某建筑工程有限公司:公章遗失，声明作废。
某某贸易有限公司:营业执照正副本遗失，统一社会信用代码91440101MA5XXXXX，声明作废。
某某物流有限公司:开户许可证遗失，核准号J5810012345601，声明作废。
某某餐饮管理有限公司:食品经营许可证遗失，声明作废。
某某科技有限公司:财务专用章、法人章遗失，声明作废。
债权申报公告本公司拟注销，请债权人自公告之日起45日内向本公司申报债权。
告示本人许绮，男，现声明自即日起与原单位解除全部关系，特此告示。
注销仲裁委员会公告
陈子毅:出生医学证明遗失，编号M440449867，声明作废。
杨晓明:出生医学证明遗失，编号N321089902，声明作废。
刘佳慧:出生医学证明遗失，编号P510278863，声明作废。
某某建筑工程有限公司:公章遗失，声明作废。
某某贸易有限公司:营业执照正副本遗失，统一社会信用代码91440101MA5XXXXX，声明作废。
某某物流有限公司:开户许可证遗失，核准号J5810012345601，声明作废。
某某餐饮管理有限公司:食品经营许可证遗失，声明作废。
某某科技有限公司:财务专用章、法人章遗失，声明作废。
债权申报公告本公司拟注销，请债权人自公告之日起45日内向本公司申报债权。
告示本人许绮，男，现声明自即日起与原单位解除全部关系，特此告示。
陈子毅:出生医学证明遗失，编号M440449867，声明作废。
杨晓明:出生医学证明遗失，编号N321089902，声明作废。
刘佳慧:出生医学证明遗失，编号P510278863，声明作废。
某某建筑工程有限公司:公章遗失，声明作废。
某某贸易有限公司:营业执照正副本遗失，统一社会信用代码91440101MA5XXXXX，声明作废。
某某物流有限公司:开户许可证遗失，核准号J5810012345601，声明作废。
某某餐饮管理有限公司:食品经营许可证遗失，声明作废。
某某科技有限公司:财务专用章、法人章遗失，声明作废。
债权申报公告本公司拟注销，请债权人自公告之日起45日内向本公司申报债权。
告示本人许绮，男，现声明自即日起与原单位解除全部关系，特此告示。
陈子毅:出生医学证明遗失，编号M440449867，声明作废。
杨晓明:出生医学证明遗失，编号N321089902，声明作废。
刘佳慧:出生医学证明遗失，编号P510278863，声明作废。
某某建筑工程有限公司:公章遗失，声明作废。
某某贸易有限公司:营业执照正副本遗失，统一社会信用代码91440101MA5XXXXX，声明作废。
某某物流有限公司:开户许可证遗失，核准号J5810012345601，声明作废。
某某餐饮管理有限公司:食品经营许可证遗失，声明作废。
某某科技有限公司:财务专用章、法人章遗失，声明作废。
债权申报公告本公司拟注销，请债权人自公告之日起45日内向本公司申报债权。
告示本人许绮，男，现声明自即日起与原单位解除全部关系，特此告示。
陈子毅:出生医学证明遗失，编号M440449867，声明作废。
杨晓明:出生医学证明遗失，编号N321089902，声明作废。
刘佳慧:出生医学证明遗失，编号P510278863，声明作废。
某某建筑工程有限公司:公章遗失，声明作废。
某某贸易有限公司:营业执照正副本遗失，统一社会信用代码91440101MA5XXXXX，声明作废。
某某物流有限公司:开户许可证遗失，核准号J5810012345601，声明作废。
某某餐饮管理有限公司:食品经营许可证遗失，声明作废。
某某科技有限公司:财务专用章、法人章遗失，声明作废。
债权申报公告本公司拟注销，请债权人自公告之日起45日内向本公司申报债权。
告示本人许绮，男，现声明自即日起与原单位解除全部关系，特此告示。
陈子毅:出生医学证明遗失，编号M440449867，声明作废。
杨晓明:出生医学证明遗失，编号N321089902，声明作废。
刘佳慧:出生医学证明遗失，编号P510278863，声明作废。
某某建筑工程有限公司:公章遗失，声明作废。
某某贸易有限公司:营业执照正副本遗失，统一社会信用代码91440101MA5XXXXX，声明作废。
某某物流有限公司:开户许可证遗失，核准号J5810012345601，声明作废。
某某餐饮管理有限公司:食品经营许可证遗失，声明作废。
某某科技有限公司:财务专用章、法人章遗失，声明作废。
债权申报公告本公司拟注销，请债权人自公告之日起45日内向本公司申报债权。
告示本人许绮，男，现声明自即日起与原单位解除全部关系，特此告示。
陈子毅:出生医学证明遗失，编号M440449867，声明作废。
杨晓明:出生医学证明遗失，编号N321089902，声明作废。
刘佳慧:出生医学证明遗失，编号P510278863，声明作废。
某某建筑工程有限公司:公章遗失，声明作废。
某某贸易有限公司:营业执照正副本遗失，统一社会信用代码91440101MA5XXXXX，声明作废。
某某物流有限公司:开户许可证遗失，核准号J5810012345601，声明作废。
某某餐饮管理有限公司:食品经营许可证遗失，声明作废。
某某科技有限公司:财务专用章、法人章遗失，声明作废。
债权申报公告本公司拟注销，请债权人自公告之日起45日内向本公司申报债权。
告示本人许绮，男，现声明自即日起与原单位解除全部关系，特此告示。
陈子毅:出生医学证明遗失，编号M440449867，声明作废。
杨晓明:出生医学证明遗失，编号N321089902，声明作废。
刘佳慧:出生医学证明遗失，编号P510278863，声明作废。
某某建筑工程有限公司:公章遗失，声明作废。
某某贸易有限公司:营业执照正副本遗失，统一社会信用代码91440101MA5XXXXX，声明作废。
某某物流有限公司:开户许可证遗失，核准号J5810012345601，声明作废。
某某餐饮管理有限公司:食品经营许可证遗失，声明作废。
某某科技有限公司:财务专用章、法人章遗失，声明作废。
债权申报公告本公司拟注销，请债权人自公告之日起45日内向本公司申报债权。
告示本人许绮，男，现声明自即日起与原单位解除全部关系，特此告示。
